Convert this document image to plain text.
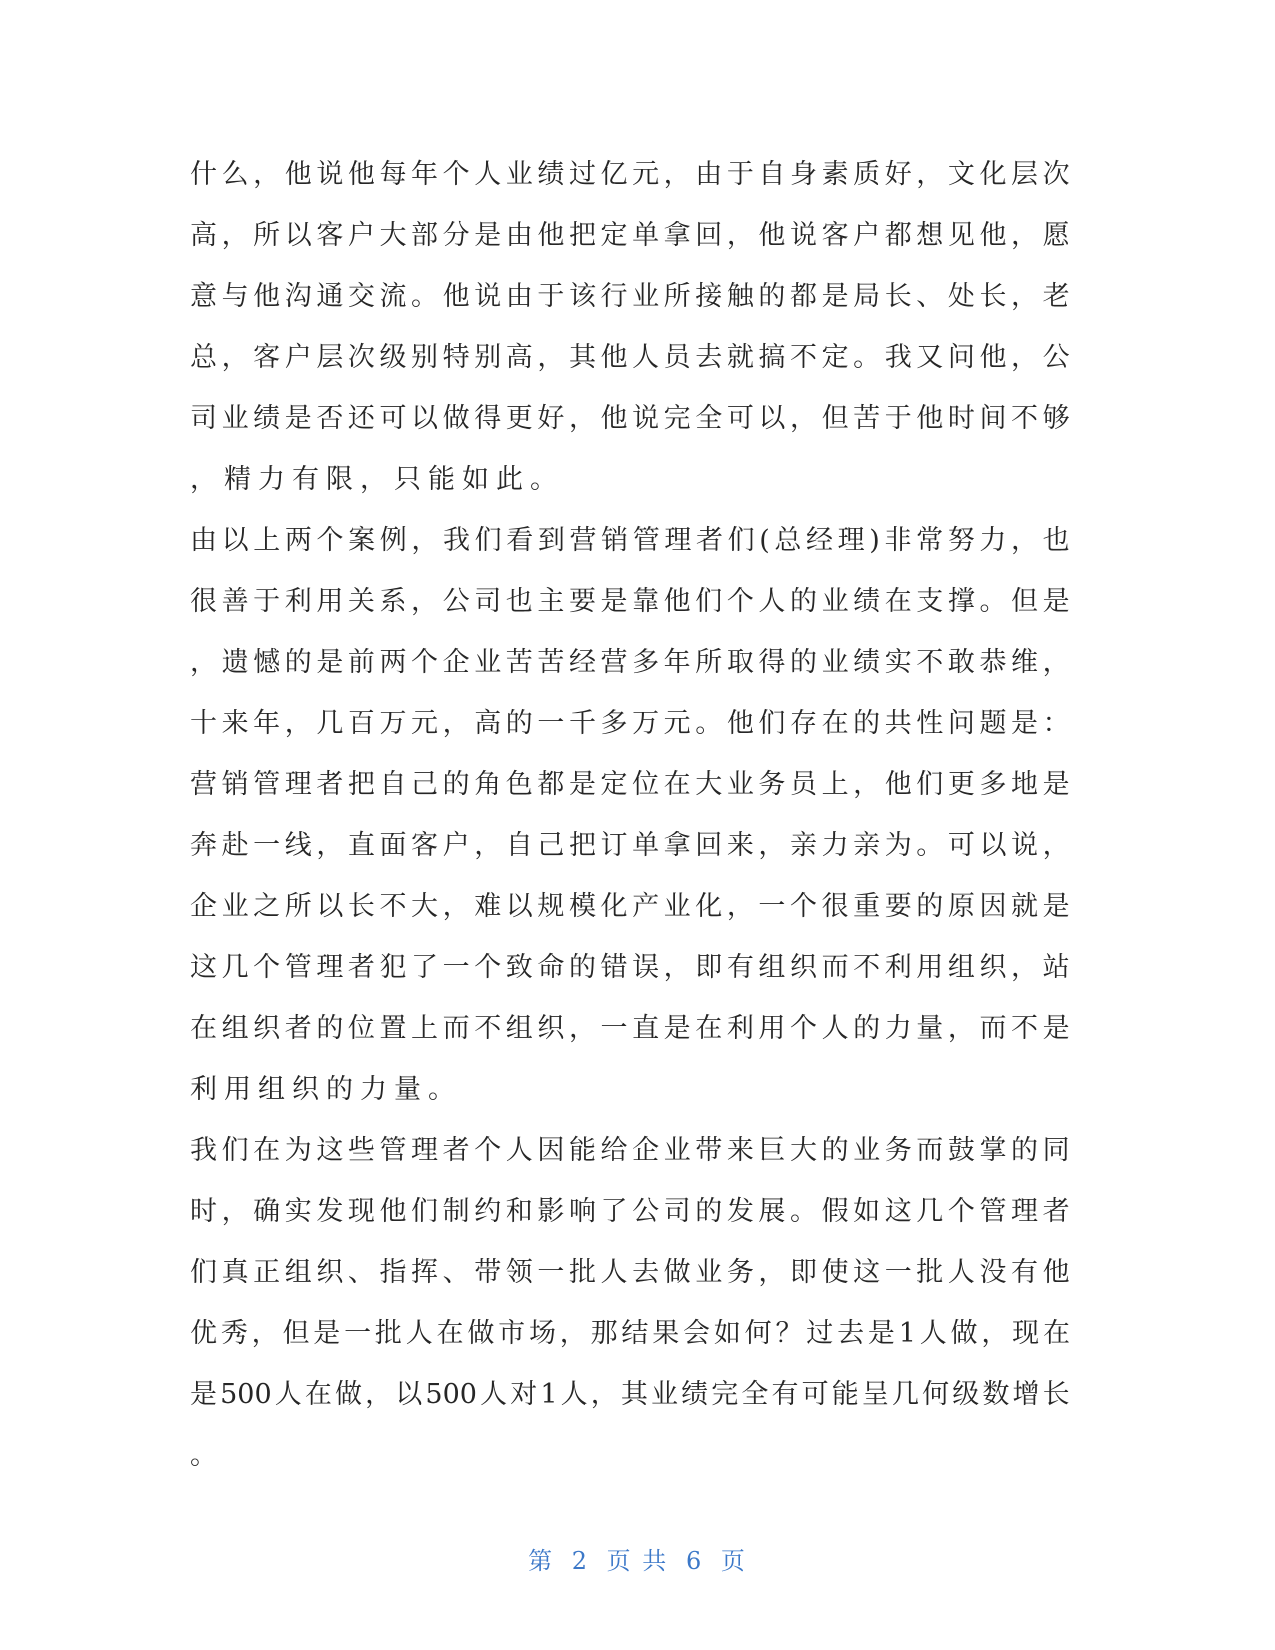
什 么 ， 他 说 他 每 年 个 人 业 绩 过 亿 元 ， 由 于 自 身 素 质 好 ， 文 化 层 次
高 ， 所 以 客 户 大 部 分 是 由 他 把 定 单 拿 回 ， 他 说 客 户 都 想 见 他 ， 愿
意 与 他 沟 通 交 流 。 他 说 由 于 该 行 业 所 接 触 的 都 是 局 长 、 处 长 ， 老
总 ， 客 户 层 次 级 别 特 别 高 ， 其 他 人 员 去 就 搞 不 定 。 我 又 问 他 ， 公
司 业 绩 是 否 还 可 以 做 得 更 好 ， 他 说 完 全 可 以 ， 但 苦 于 他 时 间 不 够
，精力有限，只能如此。
由 以 上 两 个 案 例 ， 我 们 看 到 营 销 管 理 者 们 ( 总 经 理 ) 非 常 努 力 ， 也
很 善 于 利 用 关 系 ， 公 司 也 主 要 是 靠 他 们 个 人 的 业 绩 在 支 撑 。 但 是
， 遗 憾 的 是 前 两 个 企 业 苦 苦 经 营 多 年 所 取 得 的 业 绩 实 不 敢 恭 维 ，
十 来 年 ， 几 百 万 元 ， 高 的 一 千 多 万 元 。 他 们 存 在 的 共 性 问 题 是 ：
营 销 管 理 者 把 自 己 的 角 色 都 是 定 位 在 大 业 务 员 上 ， 他 们 更 多 地 是
奔 赴 一 线 ， 直 面 客 户 ， 自 己 把 订 单 拿 回 来 ， 亲 力 亲 为 。 可 以 说 ，
企 业 之 所 以 长 不 大 ， 难 以 规 模 化 产 业 化 ， 一 个 很 重 要 的 原 因 就 是
这 几 个 管 理 者 犯 了 一 个 致 命 的 错 误 ， 即 有 组 织 而 不 利 用 组 织 ， 站
在 组 织 者 的 位 置 上 而 不 组 织 ， 一 直 是 在 利 用 个 人 的 力 量 ， 而 不 是
利用组织的力量。
我 们 在 为 这 些 管 理 者 个 人 因 能 给 企 业 带 来 巨 大 的 业 务 而 鼓 掌 的 同
时 ， 确 实 发 现 他 们 制 约 和 影 响 了 公 司 的 发 展 。 假 如 这 几 个 管 理 者
们 真 正 组 织 、 指 挥 、 带 领 一 批 人 去 做 业 务 ， 即 使 这 一 批 人 没 有 他
优 秀 ， 但 是 一 批 人 在 做 市 场 ， 那 结 果 会 如 何 ？ 过 去 是 1 人 做 ， 现 在
是 500 人 在 做 ， 以 500 人 对 1 人 ， 其 业 绩 完 全 有 可 能 呈 几 何 级 数 增 长
。
第 2 页 共 6 页
